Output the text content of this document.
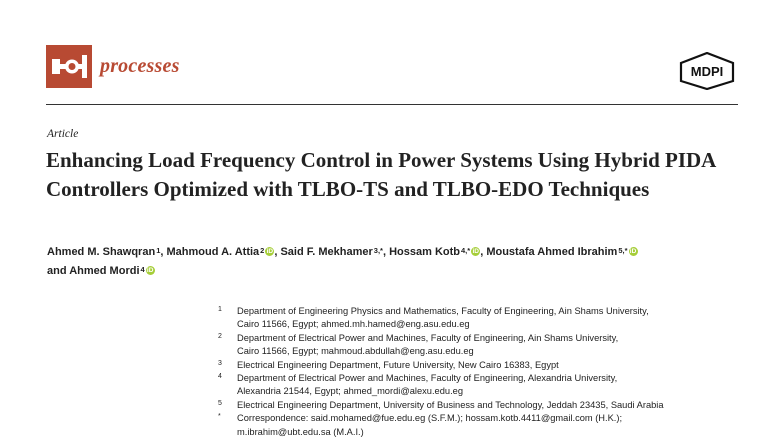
processes	MDPI
Article
Enhancing Load Frequency Control in Power Systems Using Hybrid PIDA Controllers Optimized with TLBO-TS and TLBO-EDO Techniques
Ahmed M. Shawqran$^1$, Mahmoud A. Attia$^2$ iD, Said F. Mekhamer$^{3,*}$, Hossam Kotb$^{4,*}$ iD, Moustafa Ahmed Ibrahim$^{5,*}$ iD
and Ahmed Mordi$^4$ iD
1 Department of Engineering Physics and Mathematics, Faculty of Engineering, Ain Shams University,
Cairo 11566, Egypt; ahmed.mh.hamed@eng.asu.edu.eg
2 Department of Electrical Power and Machines, Faculty of Engineering, Ain Shams University,
Cairo 11566, Egypt; mahmoud.abdullah@eng.asu.edu.eg
3 Electrical Engineering Department, Future University, New Cairo 16383, Egypt
4 Department of Electrical Power and Machines, Faculty of Engineering, Alexandria University,
Alexandria 21544, Egypt; ahmed_mordi@alexu.edu.eg
5 Electrical Engineering Department, University of Business and Technology, Jeddah 23435, Saudi Arabia
* Correspondence: said.mohamed@fue.edu.eg (S.F.M.); hossam.kotb.4411@gmail.com (H.K.);
m.ibrahim@ubt.edu.sa (M.A.I.)
